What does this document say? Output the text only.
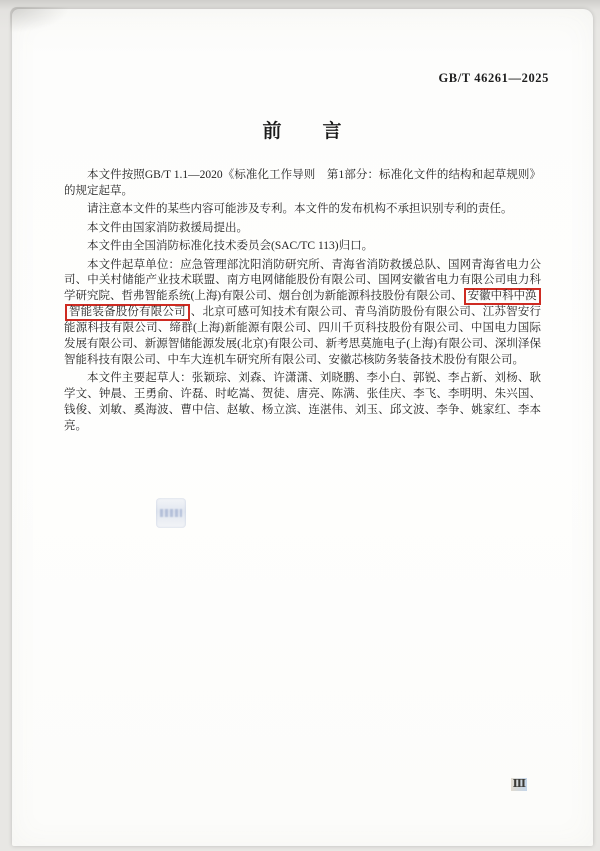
GB/T 46261—2025
前　　言

本文件按照GB/T 1.1—2020《标准化工作导则　第1部分：标准化文件的结构和起草规则》的规定起草。

请注意本文件的某些内容可能涉及专利。本文件的发布机构不承担识别专利的责任。

本文件由国家消防救援局提出。

本文件由全国消防标准化技术委员会(SAC/TC 113)归口。

本文件起草单位：应急管理部沈阳消防研究所、青海省消防救援总队、国网青海省电力公司、中关村储能产业技术联盟、南方电网储能股份有限公司、国网安徽省电力有限公司电力科学研究院、哲弗智能系统(上海)有限公司、烟台创为新能源科技股份有限公司、 安徽中科中涣智能装备股份有限公司 、北京可感可知技术有限公司、青鸟消防股份有限公司、江苏智安行能源科技有限公司、缔群(上海)新能源有限公司、四川千页科技股份有限公司、中国电力国际发展有限公司、新源智储能源发展(北京)有限公司、新考思莫施电子(上海)有限公司、深圳泽保智能科技有限公司、中车大连机车研究所有限公司、安徽芯核防务装备技术股份有限公司。

本文件主要起草人：张颖琮、刘森、许潇潇、刘晓鹏、李小白、郭锐、李占新、刘杨、耿学文、钟晨、王勇俞、许磊、时屹嵩、贺徒、唐亮、陈满、张佳庆、李飞、李明明、朱兴国、钱俊、刘敏、奚海波、曹中信、赵敏、杨立滨、连湛伟、刘玉、邱文波、李争、姚家红、李本亮。

Ⅲ
